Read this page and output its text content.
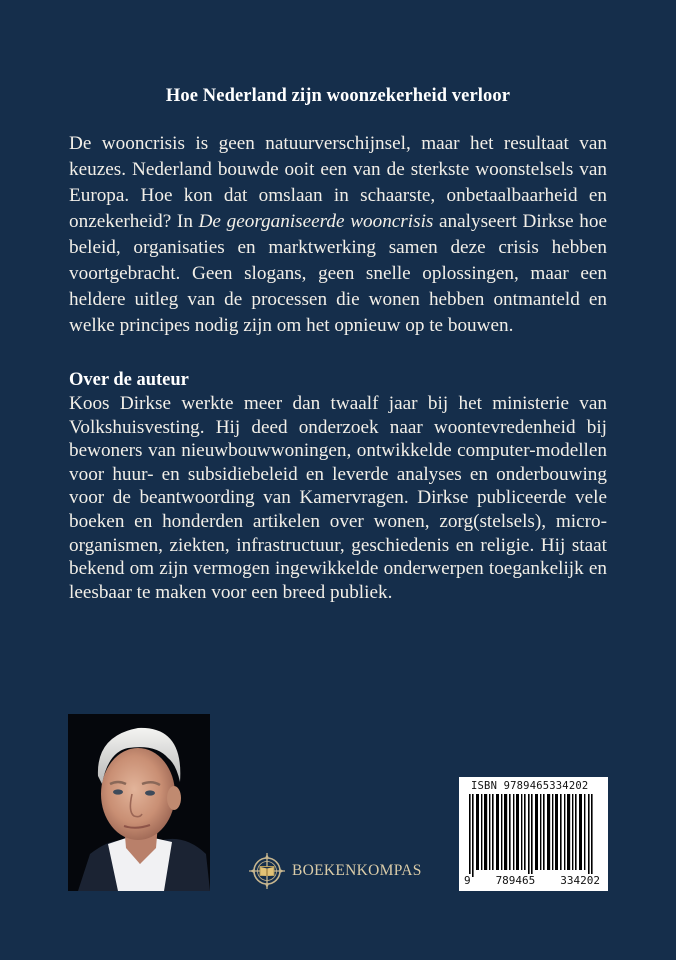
Hoe Nederland zijn woonzekerheid verloor

De wooncrisis is geen natuurverschijnsel, maar het resultaat van keuzes. Nederland bouwde ooit een van de sterkste woonstelsels van Europa. Hoe kon dat omslaan in schaarste, onbetaalbaarheid en onzekerheid? In De georganiseerde wooncrisis analyseert Dirkse hoe beleid, organisaties en marktwerking samen deze crisis hebben voortgebracht. Geen slogans, geen snelle oplossingen, maar een heldere uitleg van de processen die wonen hebben ontmanteld en welke principes nodig zijn om het opnieuw op te bouwen.

Over de auteur

Koos Dirkse werkte meer dan twaalf jaar bij het ministerie van Volkshuisvesting. Hij deed onderzoek naar woontevredenheid bij bewoners van nieuwbouwwoningen, ontwikkelde computer-modellen voor huur- en subsidiebeleid en leverde analyses en onderbouwing voor de beantwoording van Kamervragen. Dirkse publiceerde vele boeken en honderden artikelen over wonen, zorg(stelsels), micro-organismen, ziekten, infrastructuur, geschiedenis en religie. Hij staat bekend om zijn vermogen ingewikkelde onderwerpen toegankelijk en leesbaar te maken voor een breed publiek.

BOEKENKOMPAS
ISBN 9789465334202
9 789465 334202
